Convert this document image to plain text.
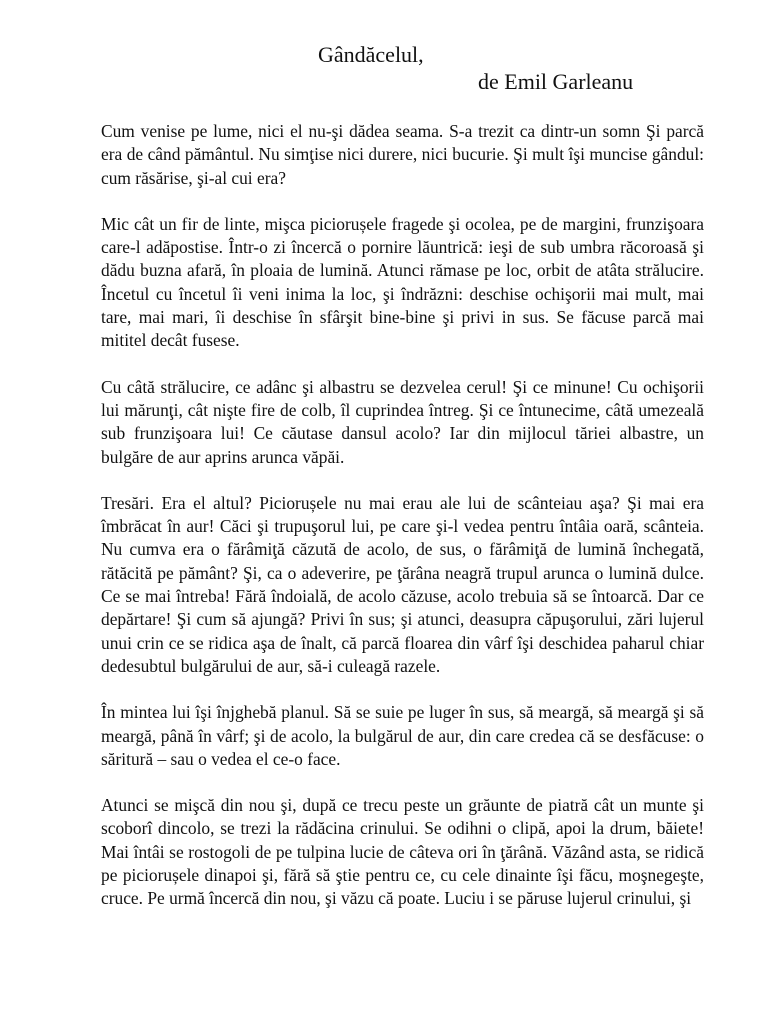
Gândăcelul,
de Emil Garleanu

Cum venise pe lume, nici el nu-şi dădea seama. S-a trezit ca dintr-un somn Şi parcă era de când pământul. Nu simţise nici durere, nici bucurie. Şi mult îşi muncise gândul: cum răsărise, şi-al cui era?

Mic cât un fir de linte, mişca piciorușele fragede şi ocolea, pe de margini, frunzişoara care-l adăpostise. Într-o zi încercă o pornire lăuntrică: ieşi de sub umbra răcoroasă şi dădu buzna afară, în ploaia de lumină. Atunci rămase pe loc, orbit de atâta strălucire. Încetul cu încetul îi veni inima la loc, şi îndrăzni: deschise ochişorii mai mult, mai tare, mai mari, îi deschise în sfârşit bine-bine şi privi in sus. Se făcuse parcă mai mititel decât fusese.

Cu câtă strălucire, ce adânc şi albastru se dezvelea cerul! Şi ce minune! Cu ochişorii lui mărunţi, cât nişte fire de colb, îl cuprindea întreg. Şi ce întunecime, câtă umezeală sub frunzişoara lui! Ce căutase dansul acolo? Iar din mijlocul tăriei albastre, un bulgăre de aur aprins arunca văpăi.

Tresări. Era el altul? Piciorușele nu mai erau ale lui de scânteiau aşa? Şi mai era îmbrăcat în aur! Căci şi trupuşorul lui, pe care şi-l vedea pentru întâia oară, scânteia. Nu cumva era o fărâmiţă căzută de acolo, de sus, o fărâmiţă de lumină închegată, rătăcită pe pământ? Şi, ca o adeverire, pe ţărâna neagră trupul arunca o lumină dulce. Ce se mai întreba! Fără îndoială, de acolo căzuse, acolo trebuia să se întoarcă. Dar ce depărtare! Şi cum să ajungă? Privi în sus; şi atunci, deasupra căpuşorului, zări lujerul unui crin ce se ridica aşa de înalt, că parcă floarea din vârf îşi deschidea paharul chiar dedesubtul bulgărului de aur, să-i culeagă razele.

În mintea lui îşi înjghebă planul. Să se suie pe luger în sus, să meargă, să meargă şi să meargă, până în vârf; şi de acolo, la bulgărul de aur, din care credea că se desfăcuse: o săritură – sau o vedea el ce-o face.

Atunci se mişcă din nou şi, după ce trecu peste un grăunte de piatră cât un munte şi scoborî dincolo, se trezi la rădăcina crinului. Se odihni o clipă, apoi la drum, băiete! Mai întâi se rostogoli de pe tulpina lucie de câteva ori în ţărână. Văzând asta, se ridică pe piciorușele dinapoi şi, fără să ştie pentru ce, cu cele dinainte îşi făcu, moşnegeşte, cruce. Pe urmă încercă din nou, şi văzu că poate. Luciu i se păruse lujerul crinului, şi
